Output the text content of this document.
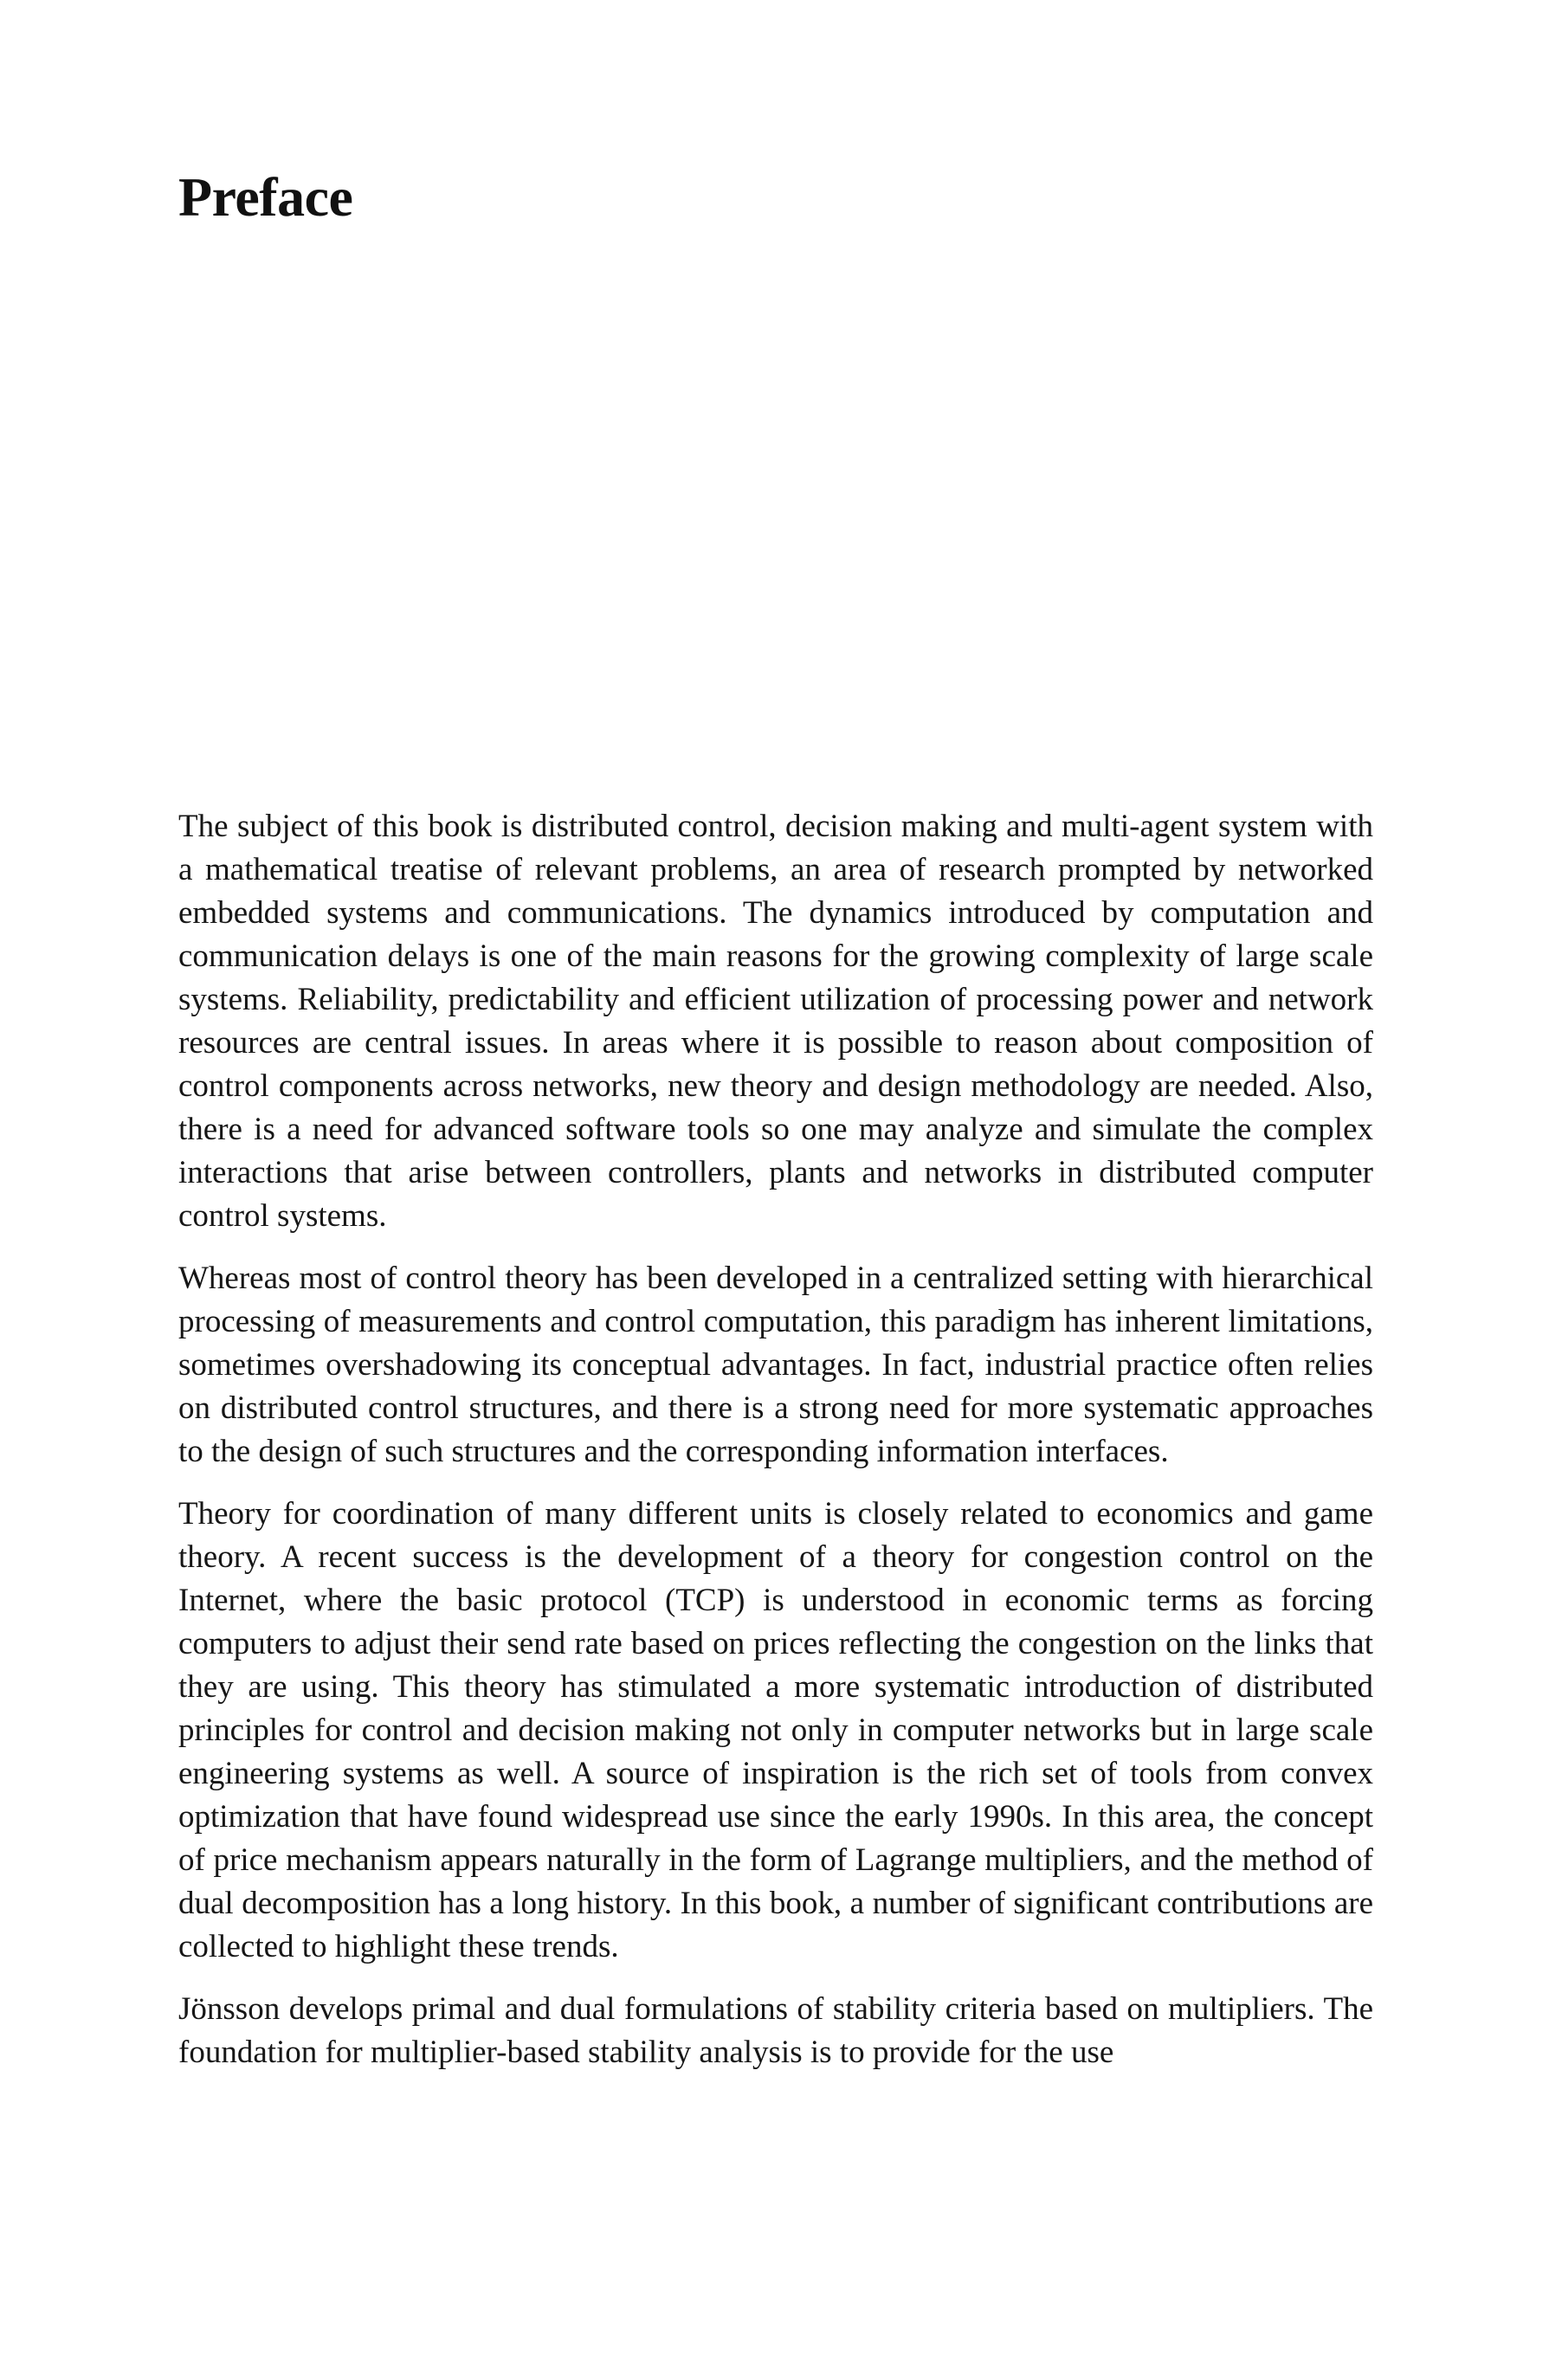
Preface

The subject of this book is distributed control, decision making and multi-agent system with a mathematical treatise of relevant problems, an area of research prompted by networked embedded systems and communications. The dynamics introduced by computation and communication delays is one of the main reasons for the growing complexity of large scale systems. Reliability, predictability and efficient utilization of processing power and network resources are central issues. In areas where it is possible to reason about composition of control components across networks, new theory and design methodology are needed. Also, there is a need for advanced software tools so one may analyze and simulate the complex interactions that arise between controllers, plants and networks in distributed computer control systems.

Whereas most of control theory has been developed in a centralized setting with hierarchical processing of measurements and control computation, this paradigm has inherent limitations, sometimes overshadowing its conceptual advantages. In fact, industrial practice often relies on distributed control structures, and there is a strong need for more systematic approaches to the design of such structures and the corresponding information interfaces.

Theory for coordination of many different units is closely related to economics and game theory. A recent success is the development of a theory for congestion control on the Internet, where the basic protocol (TCP) is understood in economic terms as forcing computers to adjust their send rate based on prices reflecting the congestion on the links that they are using. This theory has stimulated a more systematic introduction of distributed principles for control and decision making not only in computer networks but in large scale engineering systems as well. A source of inspiration is the rich set of tools from convex optimization that have found widespread use since the early 1990s. In this area, the concept of price mechanism appears naturally in the form of Lagrange multipliers, and the method of dual decomposition has a long history. In this book, a number of significant contributions are collected to highlight these trends.

Jönsson develops primal and dual formulations of stability criteria based on multipliers. The foundation for multiplier-based stability analysis is to provide for the use
